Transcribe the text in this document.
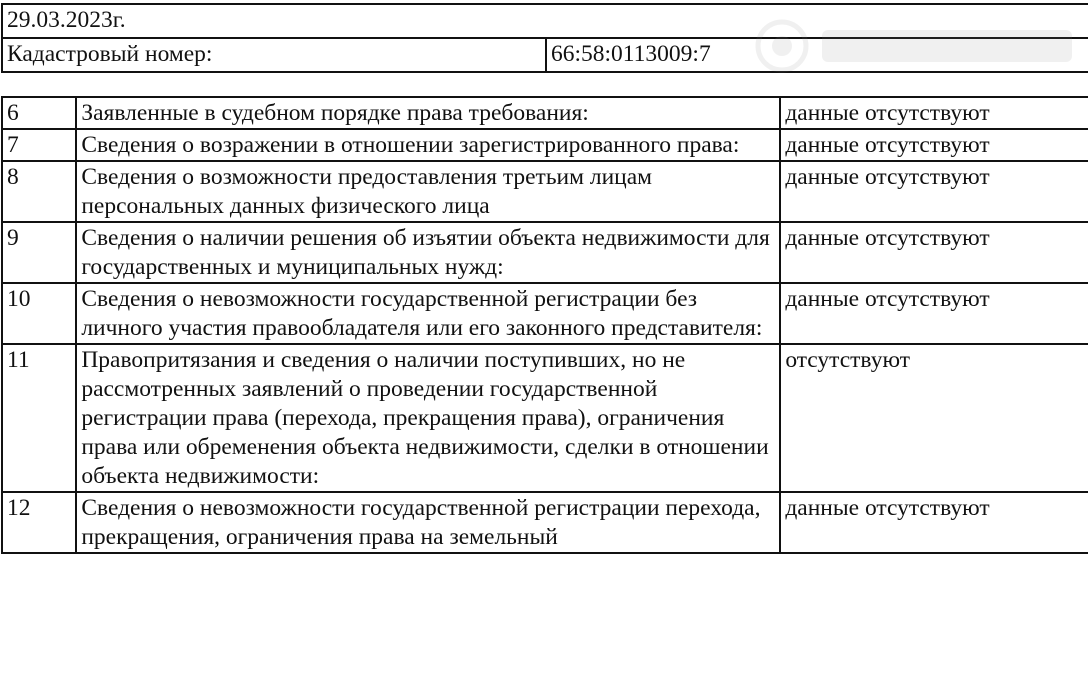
29.03.2023г.
Кадастровый номер:	66:58:0113009:7
6	Заявленные в судебном порядке права требования:	данные отсутствуют
7	Сведения о возражении в отношении зарегистрированного права:	данные отсутствуют
8	Сведения о возможности предоставления третьим лицам персональных данных физического лица	данные отсутствуют
9	Сведения о наличии решения об изъятии объекта недвижимости для государственных и муниципальных нужд:	данные отсутствуют
10	Сведения о невозможности государственной регистрации без личного участия правообладателя или его законного представителя:	данные отсутствуют
11	Правопритязания и сведения о наличии поступивших, но не рассмотренных заявлений о проведении государственной регистрации права (перехода, прекращения права), ограничения права или обременения объекта недвижимости, сделки в отношении объекта недвижимости:	отсутствуют
12	Сведения о невозможности государственной регистрации перехода, прекращения, ограничения права на земельный	данные отсутствуют
